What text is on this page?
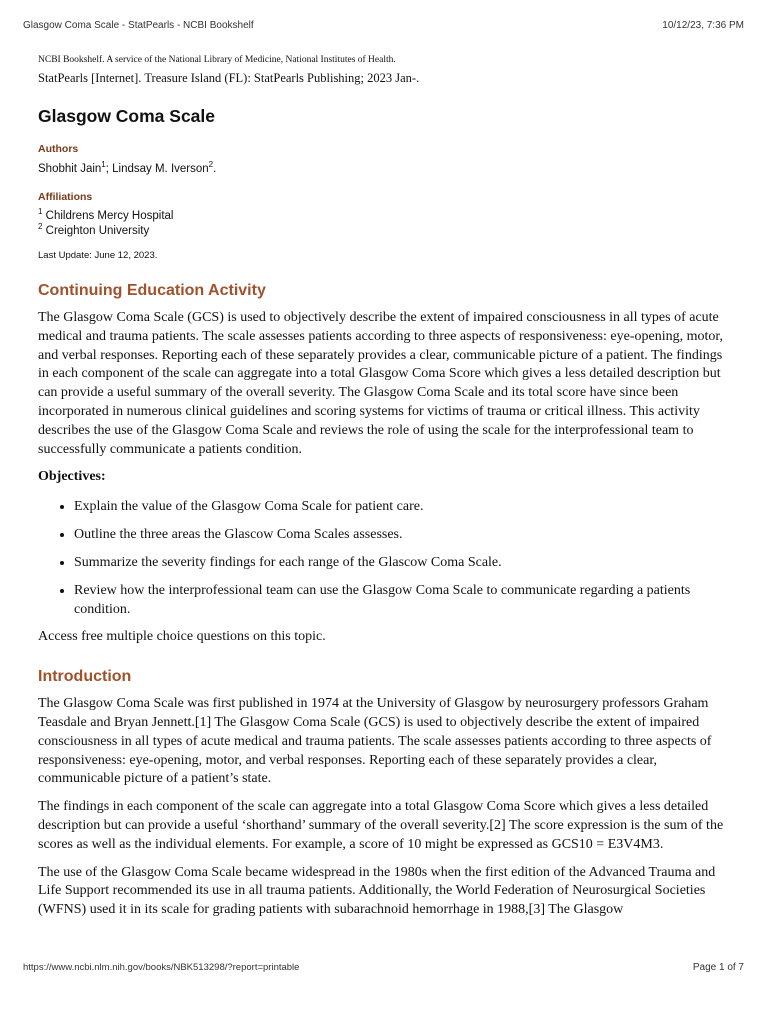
Glasgow Coma Scale - StatPearls - NCBI Bookshelf	10/12/23, 7:36 PM

NCBI Bookshelf. A service of the National Library of Medicine, National Institutes of Health.

StatPearls [Internet]. Treasure Island (FL): StatPearls Publishing; 2023 Jan-.

Glasgow Coma Scale

Authors

Shobhit Jain$^1$; Lindsay M. Iverson$^2$.

Affiliations

$^1$ Childrens Mercy Hospital
$^2$ Creighton University

Last Update: June 12, 2023.

Continuing Education Activity

The Glasgow Coma Scale (GCS) is used to objectively describe the extent of impaired consciousness in all types of acute medical and trauma patients. The scale assesses patients according to three aspects of responsiveness: eye-opening, motor, and verbal responses. Reporting each of these separately provides a clear, communicable picture of a patient. The findings in each component of the scale can aggregate into a total Glasgow Coma Score which gives a less detailed description but can provide a useful summary of the overall severity. The Glasgow Coma Scale and its total score have since been incorporated in numerous clinical guidelines and scoring systems for victims of trauma or critical illness. This activity describes the use of the Glasgow Coma Scale and reviews the role of using the scale for the interprofessional team to successfully communicate a patients condition.

Objectives:

• Explain the value of the Glasgow Coma Scale for patient care.
• Outline the three areas the Glascow Coma Scales assesses.
• Summarize the severity findings for each range of the Glascow Coma Scale.
• Review how the interprofessional team can use the Glasgow Coma Scale to communicate regarding a patients condition.

Access free multiple choice questions on this topic.

Introduction

The Glasgow Coma Scale was first published in 1974 at the University of Glasgow by neurosurgery professors Graham Teasdale and Bryan Jennett.[1] The Glasgow Coma Scale (GCS) is used to objectively describe the extent of impaired consciousness in all types of acute medical and trauma patients. The scale assesses patients according to three aspects of responsiveness: eye-opening, motor, and verbal responses. Reporting each of these separately provides a clear, communicable picture of a patient’s state.

The findings in each component of the scale can aggregate into a total Glasgow Coma Score which gives a less detailed description but can provide a useful ‘shorthand’ summary of the overall severity.[2] The score expression is the sum of the scores as well as the individual elements. For example, a score of 10 might be expressed as GCS10 = E3V4M3.

The use of the Glasgow Coma Scale became widespread in the 1980s when the first edition of the Advanced Trauma and Life Support recommended its use in all trauma patients. Additionally, the World Federation of Neurosurgical Societies (WFNS) used it in its scale for grading patients with subarachnoid hemorrhage in 1988,[3] The Glasgow

https://www.ncbi.nlm.nih.gov/books/NBK513298/?report=printable	Page 1 of 7
